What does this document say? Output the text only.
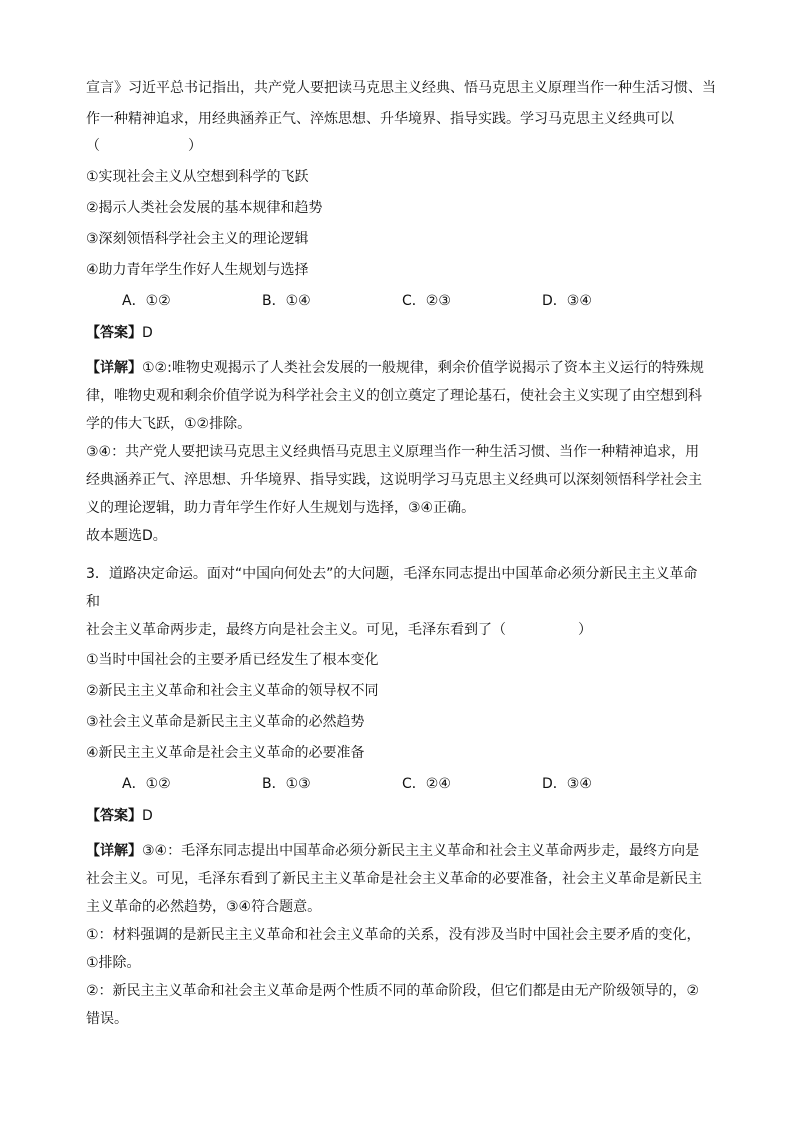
宣言》习近平总书记指出，共产党人要把读马克思主义经典、悟马克思主义原理当作一种生活习惯、当
作一种精神追求，用经典涵养正气、淬炼思想、升华境界、指导实践。学习马克思主义经典可以
（	）
①实现社会主义从空想到科学的飞跃
②揭示人类社会发展的基本规律和趋势
③深刻领悟科学社会主义的理论逻辑
④助力青年学生作好人生规划与选择
A．①②	B．①④	C．②③	D．③④
【答案】D
【详解】①②:唯物史观揭示了人类社会发展的一般规律，剩余价值学说揭示了资本主义运行的特殊规律，唯物史观和剩余价值学说为科学社会主义的创立奠定了理论基石，使社会主义实现了由空想到科学的伟大飞跃，①②排除。
③④：共产党人要把读马克思主义经典悟马克思主义原理当作一种生活习惯、当作一种精神追求，用经典涵养正气、淬思想、升华境界、指导实践，这说明学习马克思主义经典可以深刻领悟科学社会主义的理论逻辑，助力青年学生作好人生规划与选择，③④正确。
故本题选D。
3．道路决定命运。面对“中国向何处去”的大问题，毛泽东同志提出中国革命必须分新民主主义革命和
社会主义革命两步走，最终方向是社会主义。可见，毛泽东看到了（	）
①当时中国社会的主要矛盾已经发生了根本变化
②新民主主义革命和社会主义革命的领导权不同
③社会主义革命是新民主主义革命的必然趋势
④新民主主义革命是社会主义革命的必要准备
A．①②	B．①③	C．②④	D．③④
【答案】D
【详解】③④：毛泽东同志提出中国革命必须分新民主主义革命和社会主义革命两步走，最终方向是社会主义。可见，毛泽东看到了新民主主义革命是社会主义革命的必要准备，社会主义革命是新民主主义革命的必然趋势，③④符合题意。
①：材料强调的是新民主主义革命和社会主义革命的关系，没有涉及当时中国社会主要矛盾的变化，①排除。
②：新民主主义革命和社会主义革命是两个性质不同的革命阶段，但它们都是由无产阶级领导的，②错误。
